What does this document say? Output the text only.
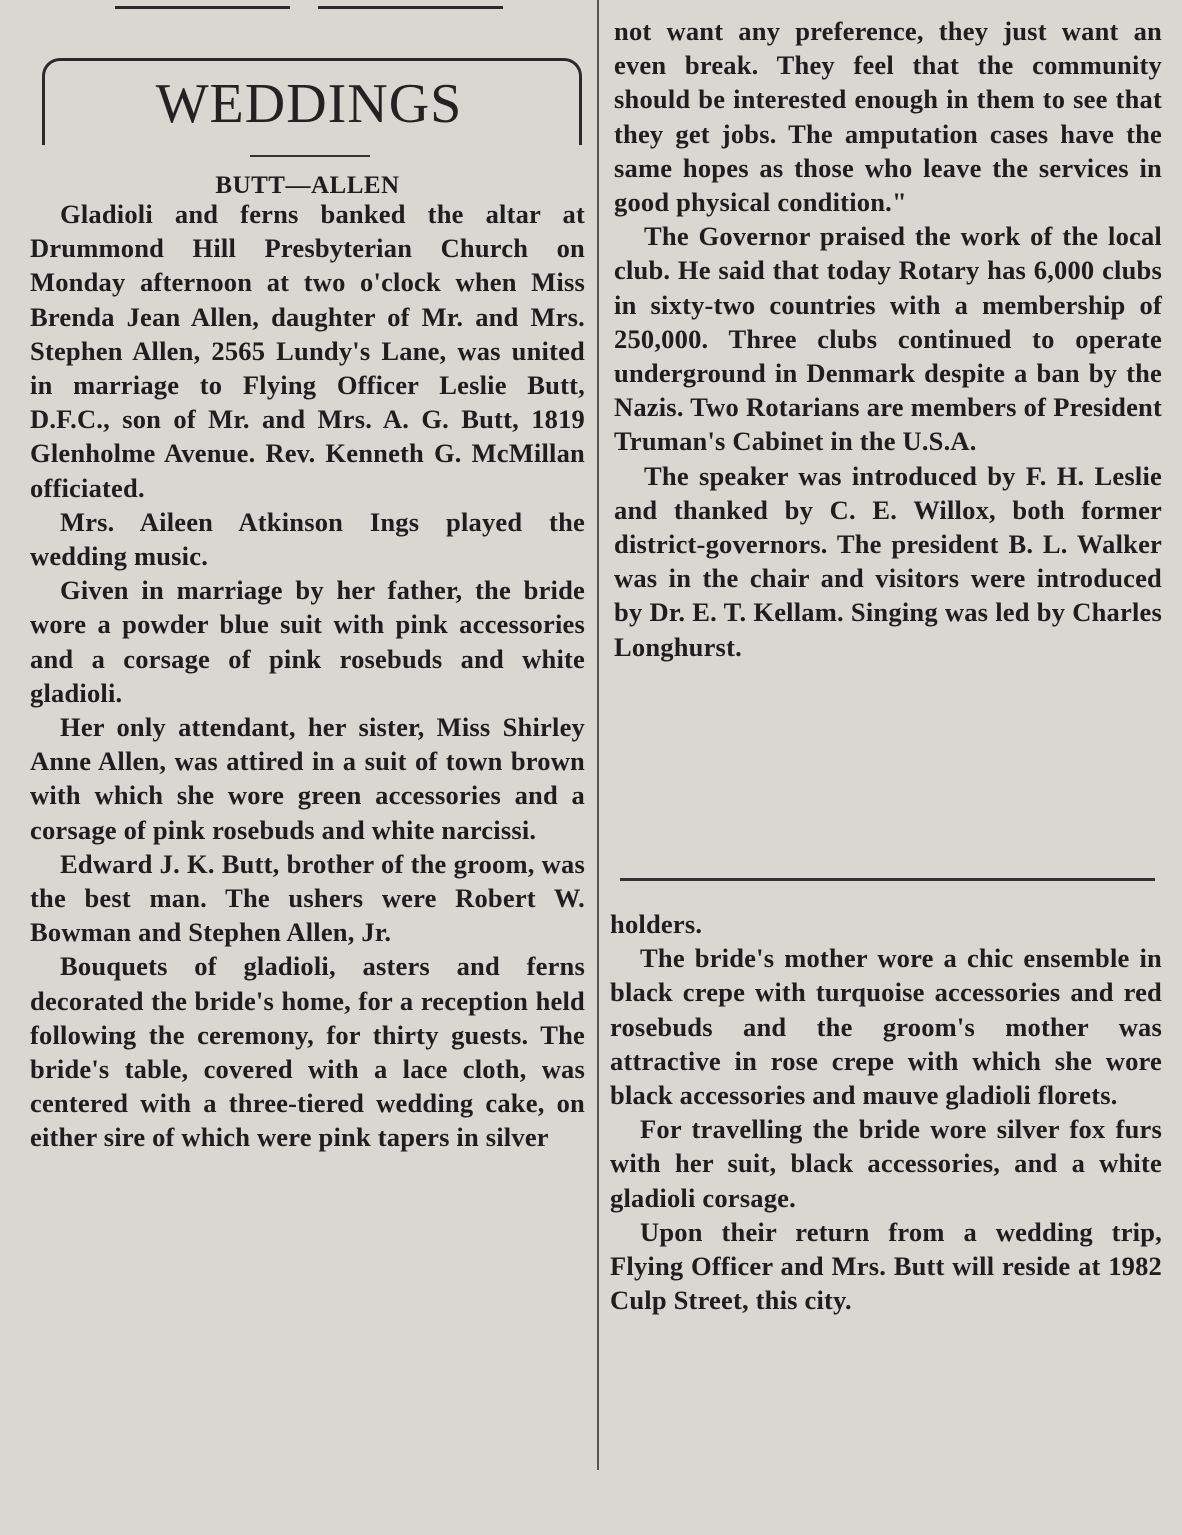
WEDDINGS
BUTT—ALLEN

Gladioli and ferns banked the altar at Drummond Hill Presbyterian Church on Monday afternoon at two o'clock when Miss Brenda Jean Allen, daughter of Mr. and Mrs. Stephen Allen, 2565 Lundy's Lane, was united in marriage to Flying Officer Leslie Butt, D.F.C., son of Mr. and Mrs. A. G. Butt, 1819 Glenholme Avenue. Rev. Kenneth G. McMillan officiated.

Mrs. Aileen Atkinson Ings played the wedding music.

Given in marriage by her father, the bride wore a powder blue suit with pink accessories and a corsage of pink rosebuds and white gladioli.

Her only attendant, her sister, Miss Shirley Anne Allen, was attired in a suit of town brown with which she wore green accessories and a corsage of pink rosebuds and white narcissi.

Edward J. K. Butt, brother of the groom, was the best man. The ushers were Robert W. Bowman and Stephen Allen, Jr.

Bouquets of gladioli, asters and ferns decorated the bride's home, for a reception held following the ceremony, for thirty guests. The bride's table, covered with a lace cloth, was centered with a three-tiered wedding cake, on either sire of which were pink tapers in silver

not want any preference, they just want an even break. They feel that the community should be interested enough in them to see that they get jobs. The amputation cases have the same hopes as those who leave the services in good physical condition."

The Governor praised the work of the local club. He said that today Rotary has 6,000 clubs in sixty-two countries with a membership of 250,000. Three clubs continued to operate underground in Denmark despite a ban by the Nazis. Two Rotarians are members of President Truman's Cabinet in the U.S.A.

The speaker was introduced by F. H. Leslie and thanked by C. E. Willox, both former district-governors. The president B. L. Walker was in the chair and visitors were introduced by Dr. E. T. Kellam. Singing was led by Charles Longhurst.

holders.

The bride's mother wore a chic ensemble in black crepe with turquoise accessories and red rosebuds and the groom's mother was attractive in rose crepe with which she wore black accessories and mauve gladioli florets.

For travelling the bride wore silver fox furs with her suit, black accessories, and a white gladioli corsage.

Upon their return from a wedding trip, Flying Officer and Mrs. Butt will reside at 1982 Culp Street, this city.
